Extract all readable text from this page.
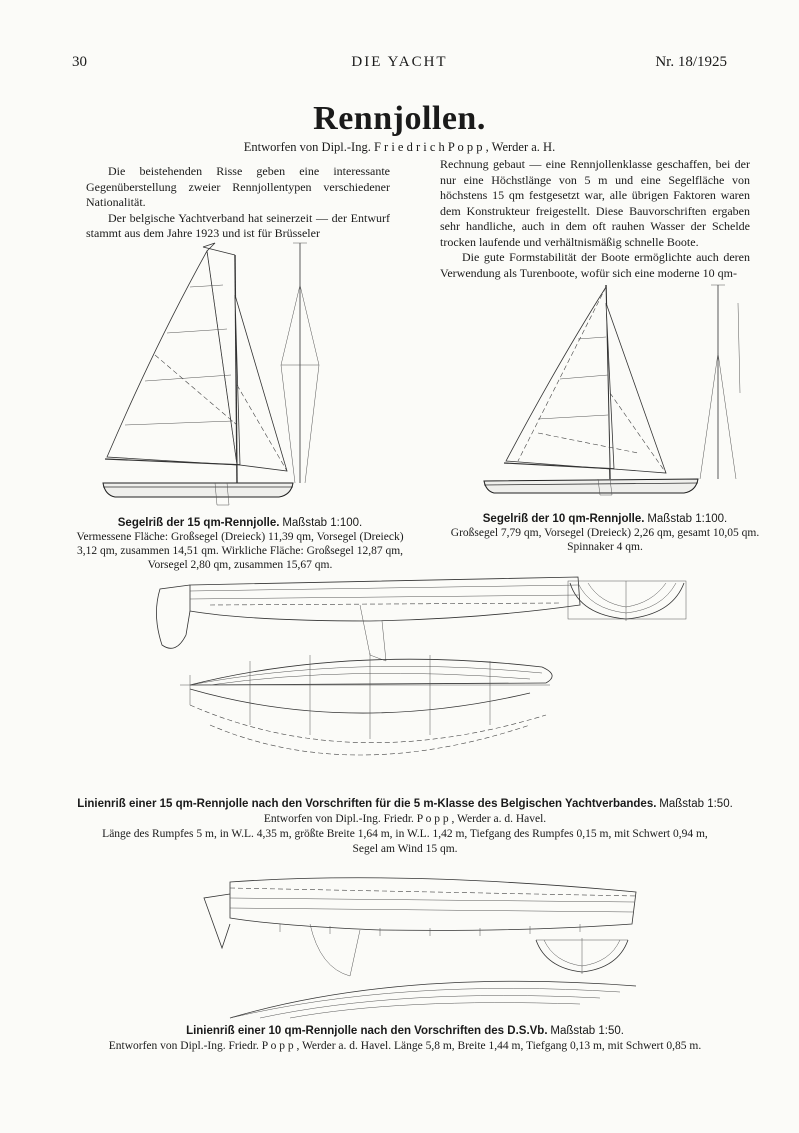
30	DIE YACHT	Nr. 18/1925
Rennjollen.
Entworfen von Dipl.-Ing. F r i e d r i c h P o p p , Werder a. H.

Die beistehenden Risse geben eine interessante Gegenüberstellung zweier Rennjollentypen verschiedener Nationalität.

Der belgische Yachtverband hat seinerzeit — der Entwurf stammt aus dem Jahre 1923 und ist für Brüsseler

Rechnung gebaut — eine Rennjollenklasse geschaffen, bei der nur eine Höchstlänge von 5 m und eine Segelfläche von höchstens 15 qm festgesetzt war, alle übrigen Faktoren waren dem Konstrukteur freigestellt. Diese Bauvorschriften ergaben sehr handliche, auch in dem oft rauhen Wasser der Schelde trocken laufende und verhältnismäßig schnelle Boote.

Die gute Formstabilität der Boote ermöglichte auch deren Verwendung als Turenboote, wofür sich eine moderne 10 qm-

Segelriß der 15 qm-Rennjolle. Maßstab 1:100.
Vermessene Fläche: Großsegel (Dreieck) 11,39 qm, Vorsegel (Dreieck) 3,12 qm, zusammen 14,51 qm. Wirkliche Fläche: Großsegel 12,87 qm, Vorsegel 2,80 qm, zusammen 15,67 qm.
Segelriß der 10 qm-Rennjolle. Maßstab 1:100.
Großsegel 7,79 qm, Vorsegel (Dreieck) 2,26 qm, gesamt 10,05 qm.
Spinnaker 4 qm.
Linienriß einer 15 qm-Rennjolle nach den Vorschriften für die 5 m-Klasse des Belgischen Yachtverbandes. Maßstab 1:50.
Entworfen von Dipl.-Ing. Friedr. P o p p , Werder a. d. Havel.
Länge des Rumpfes 5 m, in W.L. 4,35 m, größte Breite 1,64 m, in W.L. 1,42 m, Tiefgang des Rumpfes 0,15 m, mit Schwert 0,94 m,
Segel am Wind 15 qm.
Linienriß einer 10 qm-Rennjolle nach den Vorschriften des D.S.Vb. Maßstab 1:50.
Entworfen von Dipl.-Ing. Friedr. P o p p , Werder a. d. Havel. Länge 5,8 m, Breite 1,44 m, Tiefgang 0,13 m, mit Schwert 0,85 m.
